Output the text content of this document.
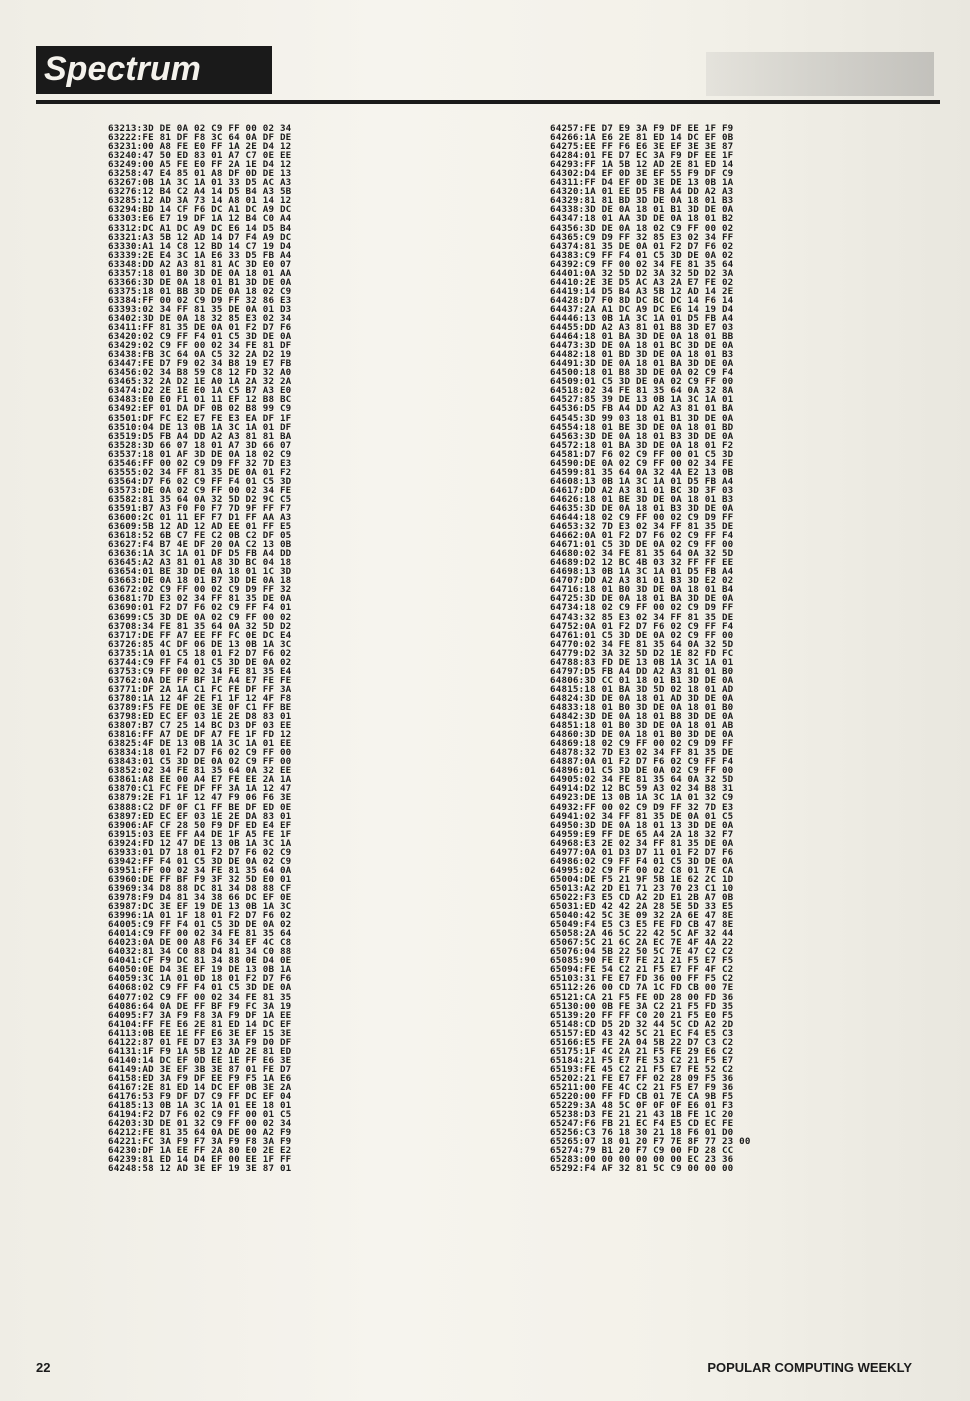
Spectrum
63213:3D DE 0A 02 C9 FF 00 02 34
63222:FE 81 DF F8 3C 64 0A DF DE
63231:00 A8 FE E0 FF 1A 2E D4 12
63240:47 50 ED 83 01 A7 C7 0E EE
63249:00 A5 FE E0 FF 2A 1E D4 12
63258:47 E4 85 01 A8 DF 0D DE 13
63267:0B 1A 3C 1A 01 33 D5 AC A3
63276:12 B4 C2 A4 14 D5 B4 A3 5B
63285:12 AD 3A 73 14 A8 01 14 12
63294:BD 14 CF F6 DC A1 DC A9 DC
63303:E6 E7 19 DF 1A 12 B4 C0 A4
63312:DC A1 DC A9 DC E6 14 D5 B4
63321:A3 5B 12 AD 14 D7 F4 A9 DC
63330:A1 14 C8 12 BD 14 C7 19 D4
63339:2E E4 3C 1A E6 33 D5 FB A4
63348:DD A2 A3 81 81 AC 3D E0 07
63357:18 01 B0 3D DE 0A 18 01 AA
63366:3D DE 0A 18 01 B1 3D DE 0A
63375:18 01 BB 3D DE 0A 18 02 C9
63384:FF 00 02 C9 D9 FF 32 86 E3
63393:02 34 FF 81 35 DE 0A 01 D3
63402:3D DE 0A 18 32 85 E3 02 34
63411:FF 81 35 DE 0A 01 F2 D7 F6
63420:02 C9 FF F4 01 C5 3D DE 0A
63429:02 C9 FF 00 02 34 FE 81 DF
63438:FB 3C 64 0A C5 32 2A D2 19
63447:FE D7 F9 02 34 B8 19 E7 FB
63456:02 34 B8 59 C8 12 FD 32 A0
63465:32 2A D2 1E A0 1A 2A 32 2A
63474:D2 2E 1E E0 1A C5 B7 A3 E0
63483:E0 E0 F1 01 11 EF 12 B8 BC
63492:EF 01 DA DF 0B 02 B8 99 C9
63501:DF FC E2 E7 FE E3 EA DF 1F
63510:04 DE 13 0B 1A 3C 1A 01 DF
63519:D5 FB A4 DD A2 A3 81 81 BA
63528:3D 66 07 18 01 A7 3D 66 07
63537:18 01 AF 3D DE 0A 18 02 C9
63546:FF 00 02 C9 D9 FF 32 7D E3
63555:02 34 FF 81 35 DE 0A 01 F2
63564:D7 F6 02 C9 FF F4 01 C5 3D
63573:DE 0A 02 C9 FF 00 02 34 FE
63582:81 35 64 0A 32 5D D2 9C C5
63591:B7 A3 F0 F0 F7 7D 9F FF F7
63600:2C 01 11 EF F7 D1 FF AA A3
63609:5B 12 AD 12 AD EE 01 FF E5
63618:52 6B C7 FE C2 0B C2 DF 05
63627:F4 B7 4E DF 20 0A C2 13 0B
63636:1A 3C 1A 01 DF D5 FB A4 DD
63645:A2 A3 81 01 A8 3D BC 04 18
63654:01 BE 3D DE 0A 18 01 1C 3D
63663:DE 0A 18 01 B7 3D DE 0A 18
63672:02 C9 FF 00 02 C9 D9 FF 32
63681:7D E3 02 34 FF 81 35 DE 0A
63690:01 F2 D7 F6 02 C9 FF F4 01
63699:C5 3D DE 0A 02 C9 FF 00 02
63708:34 FE 81 35 64 0A 32 5D D2
63717:DE FF A7 EE FF FC 0E DC E4
63726:85 4C DF 06 DE 13 0B 1A 3C
63735:1A 01 C5 18 01 F2 D7 F6 02
63744:C9 FF F4 01 C5 3D DE 0A 02
63753:C9 FF 00 02 34 FE 81 35 E4
63762:0A DE FF BF 1F A4 E7 FE FE
63771:DF 2A 1A C1 FC FE DF FF 3A
63780:1A 12 4F 2E F1 1F 12 4F F8
63789:F5 FE DE 0E 3E 0F C1 FF BE
63798:ED EC EF 03 1E 2E D8 83 01
63807:B7 C7 25 14 BC D3 DF 03 EE
63816:FF A7 DE DF A7 FE 1F FD 12
63825:4F DE 13 0B 1A 3C 1A 01 EE
63834:18 01 F2 D7 F6 02 C9 FF 00
63843:01 C5 3D DE 0A 02 C9 FF 00
63852:02 34 FE 81 35 64 0A 32 EE
63861:A8 EE 00 A4 E7 FE EE 2A 1A
63870:C1 FC FE DF FF 3A 1A 12 47
63879:2E F1 1F 12 47 F9 06 F6 3E
63888:C2 DF 0F C1 FF BE DF ED 0E
63897:ED EC EF 03 1E 2E DA 83 01
63906:AF CF 28 50 F9 DF ED E4 EF
63915:03 EE FF A4 DE 1F A5 FE 1F
63924:FD 12 47 DE 13 0B 1A 3C 1A
63933:01 D7 18 01 F2 D7 F6 02 C9
63942:FF F4 01 C5 3D DE 0A 02 C9
63951:FF 00 02 34 FE 81 35 64 0A
63960:DE FF BF F9 3F 32 5D E0 01
63969:34 D8 88 DC 81 34 D8 88 CF
63978:F9 D4 81 34 38 66 DC EF 0E
63987:DC 3E EF 19 DE 13 0B 1A 3C
63996:1A 01 1F 18 01 F2 D7 F6 02
64005:C9 FF F4 01 C5 3D DE 0A 02
64014:C9 FF 00 02 34 FE 81 35 64
64023:0A DE 00 A8 F6 34 EF 4C C8
64032:81 34 C0 88 D4 81 34 C0 88
64041:CF F9 DC 81 34 88 0E D4 0E
64050:0E D4 3E EF 19 DE 13 0B 1A
64059:3C 1A 01 0D 18 01 F2 D7 F6
64068:02 C9 FF F4 01 C5 3D DE 0A
64077:02 C9 FF 00 02 34 FE 81 35
64086:64 0A DE FF BF F9 FC 3A 19
64095:F7 3A F9 F8 3A F9 DF 1A EE
64104:FF FE E6 2E 81 ED 14 DC EF
64113:0B EE 1E FF E6 3E EF 15 3E
64122:87 01 FE D7 E3 3A F9 D0 DF
64131:1F F9 1A 5B 12 AD 2E 81 ED
64140:14 DC EF 0D EE 1E FF E6 3E
64149:AD 3E EF 3B 3E 87 01 FE D7
64158:ED 3A F9 DF EE F9 F5 1A E6
64167:2E 81 ED 14 DC EF 0B 3E 2A
64176:53 F9 DF D7 C9 FF DC EF 04
64185:13 0B 1A 3C 1A 01 EE 18 01
64194:F2 D7 F6 02 C9 FF 00 01 C5
64203:3D DE 01 32 C9 FF 00 02 34
64212:FE 81 35 64 0A DE 00 A2 F9
64221:FC 3A F9 F7 3A F9 F8 3A F9
64230:DF 1A EE FF 2A 80 E0 2E E2
64239:81 ED 14 D4 EF 00 EE 1F FF
64248:58 12 AD 3E EF 19 3E 87 01
64257:FE D7 E9 3A F9 DF EE 1F F9
64266:1A E6 2E 81 ED 14 DC EF 0B
64275:EE FF F6 E6 3E EF 3E 3E 87
64284:01 FE D7 EC 3A F9 DF EE 1F
64293:FF 1A 5B 12 AD 2E 81 ED 14
64302:D4 EF 0D 3E EF 55 F9 DF C9
64311:FF D4 EF 0D 3E DE 13 0B 1A
64320:1A 01 EE D5 FB A4 DD A2 A3
64329:81 81 BD 3D DE 0A 18 01 B3
64338:3D DE 0A 18 01 B1 3D DE 0A
64347:18 01 AA 3D DE 0A 18 01 B2
64356:3D DE 0A 18 02 C9 FF 00 02
64365:C9 D9 FF 32 85 E3 02 34 FF
64374:81 35 DE 0A 01 F2 D7 F6 02
64383:C9 FF F4 01 C5 3D DE 0A 02
64392:C9 FF 00 02 34 FE 81 35 64
64401:0A 32 5D D2 3A 32 5D D2 3A
64410:2E 3E D5 AC A3 2A E7 FE 02
64419:14 D5 B4 A3 5B 12 AD 14 2E
64428:D7 F0 8D DC BC DC 14 F6 14
64437:2A A1 DC A9 DC E6 14 19 D4
64446:13 0B 1A 3C 1A 01 D5 FB A4
64455:DD A2 A3 81 01 B8 3D E7 03
64464:18 01 BA 3D DE 0A 18 01 BB
64473:3D DE 0A 18 01 BC 3D DE 0A
64482:18 01 BD 3D DE 0A 18 01 B3
64491:3D DE 0A 18 01 BA 3D DE 0A
64500:18 01 B8 3D DE 0A 02 C9 F4
64509:01 C5 3D DE 0A 02 C9 FF 00
64518:02 34 FE 81 35 64 0A 32 8A
64527:85 39 DE 13 0B 1A 3C 1A 01
64536:D5 FB A4 DD A2 A3 81 01 BA
64545:3D 99 03 18 01 B1 3D DE 0A
64554:18 01 BE 3D DE 0A 18 01 BD
64563:3D DE 0A 18 01 B3 3D DE 0A
64572:18 01 BA 3D DE 0A 18 01 F2
64581:D7 F6 02 C9 FF 00 01 C5 3D
64590:DE 0A 02 C9 FF 00 02 34 FE
64599:81 35 64 0A 32 4A E2 13 0B
64608:13 0B 1A 3C 1A 01 D5 FB A4
64617:DD A2 A3 81 01 BC 3D 3F 03
64626:18 01 BE 3D DE 0A 18 01 B3
64635:3D DE 0A 18 01 B3 3D DE 0A
64644:18 02 C9 FF 00 02 C9 D9 FF
64653:32 7D E3 02 34 FF 81 35 DE
64662:0A 01 F2 D7 F6 02 C9 FF F4
64671:01 C5 3D DE 0A 02 C9 FF 00
64680:02 34 FE 81 35 64 0A 32 5D
64689:D2 12 BC 4B 03 32 FF FF EE
64698:13 0B 1A 3C 1A 01 D5 FB A4
64707:DD A2 A3 81 01 B3 3D E2 02
64716:18 01 B0 3D DE 0A 18 01 B4
64725:3D DE 0A 18 01 BA 3D DE 0A
64734:18 02 C9 FF 00 02 C9 D9 FF
64743:32 85 E3 02 34 FF 81 35 DE
64752:0A 01 F2 D7 F6 02 C9 FF F4
64761:01 C5 3D DE 0A 02 C9 FF 00
64770:02 34 FE 81 35 64 0A 32 5D
64779:D2 3A 32 5D D2 1E 82 FD FC
64788:83 FD DE 13 0B 1A 3C 1A 01
64797:D5 FB A4 DD A2 A3 81 01 B0
64806:3D CC 01 18 01 B1 3D DE 0A
64815:18 01 BA 3D 5D 02 18 01 AD
64824:3D DE 0A 18 01 AD 3D DE 0A
64833:18 01 B0 3D DE 0A 18 01 B0
64842:3D DE 0A 18 01 B8 3D DE 0A
64851:18 01 B0 3D DE 0A 18 01 AB
64860:3D DE 0A 18 01 B0 3D DE 0A
64869:18 02 C9 FF 00 02 C9 D9 FF
64878:32 7D E3 02 34 FF 81 35 DE
64887:0A 01 F2 D7 F6 02 C9 FF F4
64896:01 C5 3D DE 0A 02 C9 FF 00
64905:02 34 FE 81 35 64 0A 32 5D
64914:D2 12 BC 59 A3 02 34 B8 31
64923:DE 13 0B 1A 3C 1A 01 32 C9
64932:FF 00 02 C9 D9 FF 32 7D E3
64941:02 34 FF 81 35 DE 0A 01 C5
64950:3D DE 0A 18 01 13 3D DE 0A
64959:E9 FF DE 65 A4 2A 18 32 F7
64968:E3 2E 02 34 FF 81 35 DE 0A
64977:0A 01 D3 D7 11 01 F2 D7 F6
64986:02 C9 FF F4 01 C5 3D DE 0A
64995:02 C9 FF 00 02 C8 01 7E CA
65004:DE F5 21 9F 5B 1E 62 2C 1D
65013:A2 2D E1 71 23 70 23 C1 10
65022:F3 E5 CD A2 2D E1 2B A7 0B
65031:ED 42 42 2A 28 5E 5D 33 E5
65040:42 5C 3E 09 32 2A 6E 47 8E
65049:F4 E5 C3 E5 FE FD CB 47 8E
65058:2A 46 5C 22 42 5C AF 32 44
65067:5C 21 6C 2A EC 7E 4F 4A 22
65076:04 5B 22 50 5C 7E 47 C2 C2
65085:90 FE E7 FE 21 21 F5 E7 F5
65094:FE 54 C2 21 F5 E7 FF 4F C2
65103:31 FE E7 FD 36 00 FF F5 C2
65112:26 00 CD 7A 1C FD CB 00 7E
65121:CA 21 F5 FE 0D 28 00 FD 36
65130:00 0B FE 3A C2 21 F5 FD 35
65139:20 FF FF C0 20 21 F5 E0 F5
65148:CD D5 2D 32 44 5C CD A2 2D
65157:ED 43 42 5C 21 EC F4 E5 C3
65166:E5 FE 2A 04 5B 22 D7 C3 C2
65175:1F 4C 2A 21 F5 FE 29 E6 C2
65184:21 F5 E7 FE 53 C2 21 F5 E7
65193:FE 45 C2 21 F5 E7 FE 52 C2
65202:21 FE E7 FF 02 28 09 F5 36
65211:00 FE 4C C2 21 F5 E7 F9 36
65220:00 FF FD CB 01 7E CA 9B F5
65229:3A 48 5C 0F 0F 0F E6 01 F3
65238:D3 FE 21 21 43 1B FE 1C 20
65247:F6 FB 21 EC F4 E5 CD EC FE
65256:C3 76 18 30 21 18 F6 01 D0
65265:07 18 01 20 F7 7E 8F 77 23 00
65274:79 B1 20 F7 C9 00 FD 28 CC
65283:00 00 00 00 00 00 EC 23 36
65292:F4 AF 32 81 5C C9 00 00 00
22	POPULAR COMPUTING WEEKLY
